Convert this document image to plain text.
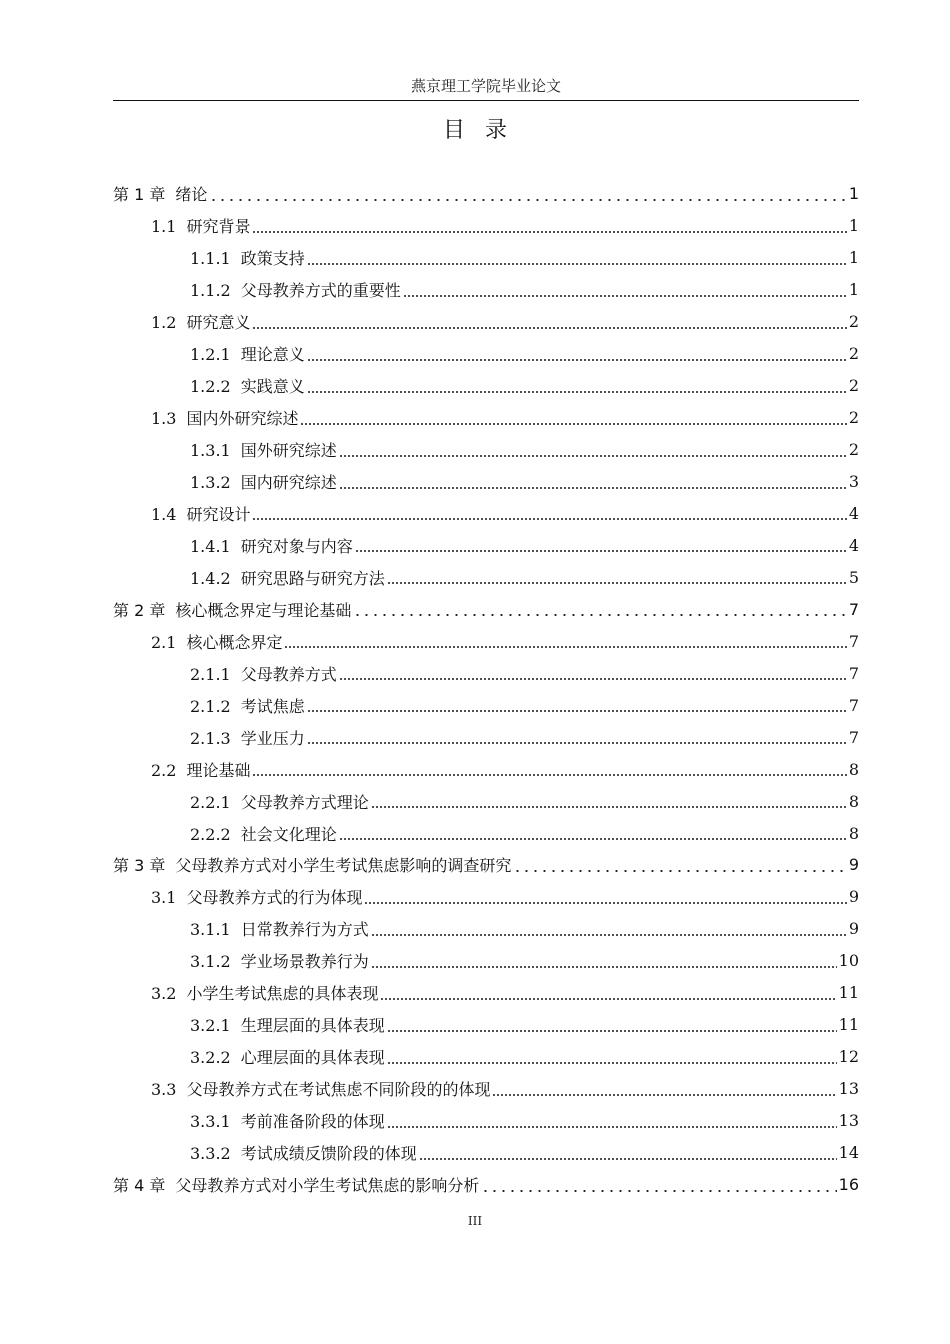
燕京理工学院毕业论文
目录
第 1 章 绪论	1
1.1 研究背景	1
1.1.1 政策支持	1
1.1.2 父母教养方式的重要性	1
1.2 研究意义	2
1.2.1 理论意义	2
1.2.2 实践意义	2
1.3 国内外研究综述	2
1.3.1 国外研究综述	2
1.3.2 国内研究综述	3
1.4 研究设计	4
1.4.1 研究对象与内容	4
1.4.2 研究思路与研究方法	5
第 2 章 核心概念界定与理论基础	7
2.1 核心概念界定	7
2.1.1 父母教养方式	7
2.1.2 考试焦虑	7
2.1.3 学业压力	7
2.2 理论基础	8
2.2.1 父母教养方式理论	8
2.2.2 社会文化理论	8
第 3 章 父母教养方式对小学生考试焦虑影响的调查研究	9
3.1 父母教养方式的行为体现	9
3.1.1 日常教养行为方式	9
3.1.2 学业场景教养行为	10
3.2 小学生考试焦虑的具体表现	11
3.2.1 生理层面的具体表现	11
3.2.2 心理层面的具体表现	12
3.3 父母教养方式在考试焦虑不同阶段的的体现	13
3.3.1 考前准备阶段的体现	13
3.3.2 考试成绩反馈阶段的体现	14
第 4 章 父母教养方式对小学生考试焦虑的影响分析	16
III
